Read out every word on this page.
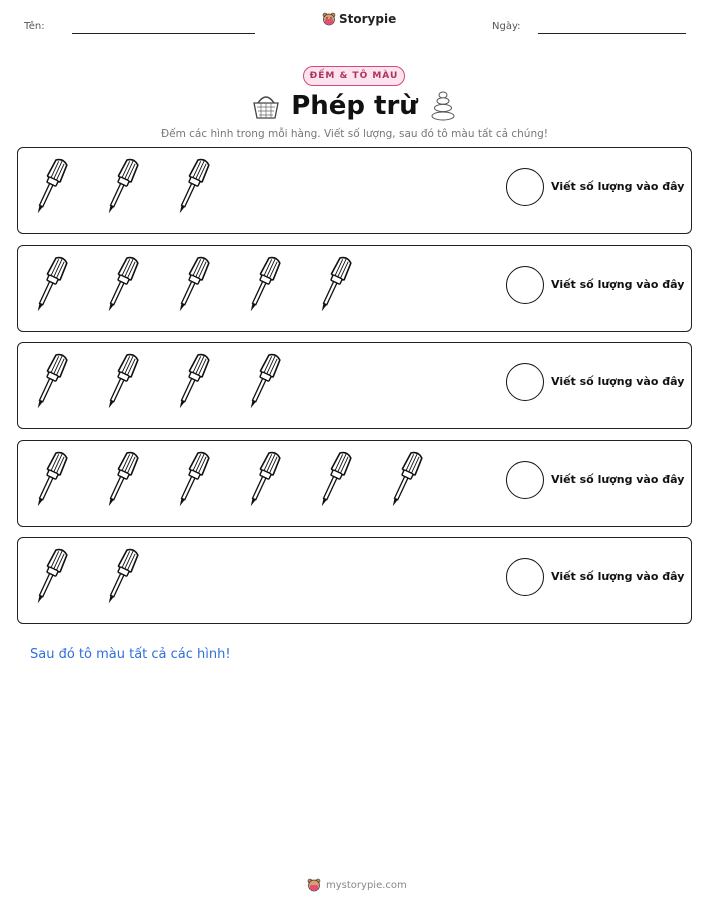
Tên:
Storypie
Ngày:
ĐẾM & TÔ MÀU
Phép trừ
Đếm các hình trong mỗi hàng. Viết số lượng, sau đó tô màu tất cả chúng!
Viết số lượng vào đây
Viết số lượng vào đây
Viết số lượng vào đây
Viết số lượng vào đây
Viết số lượng vào đây
Sau đó tô màu tất cả các hình!
mystorypie.com
